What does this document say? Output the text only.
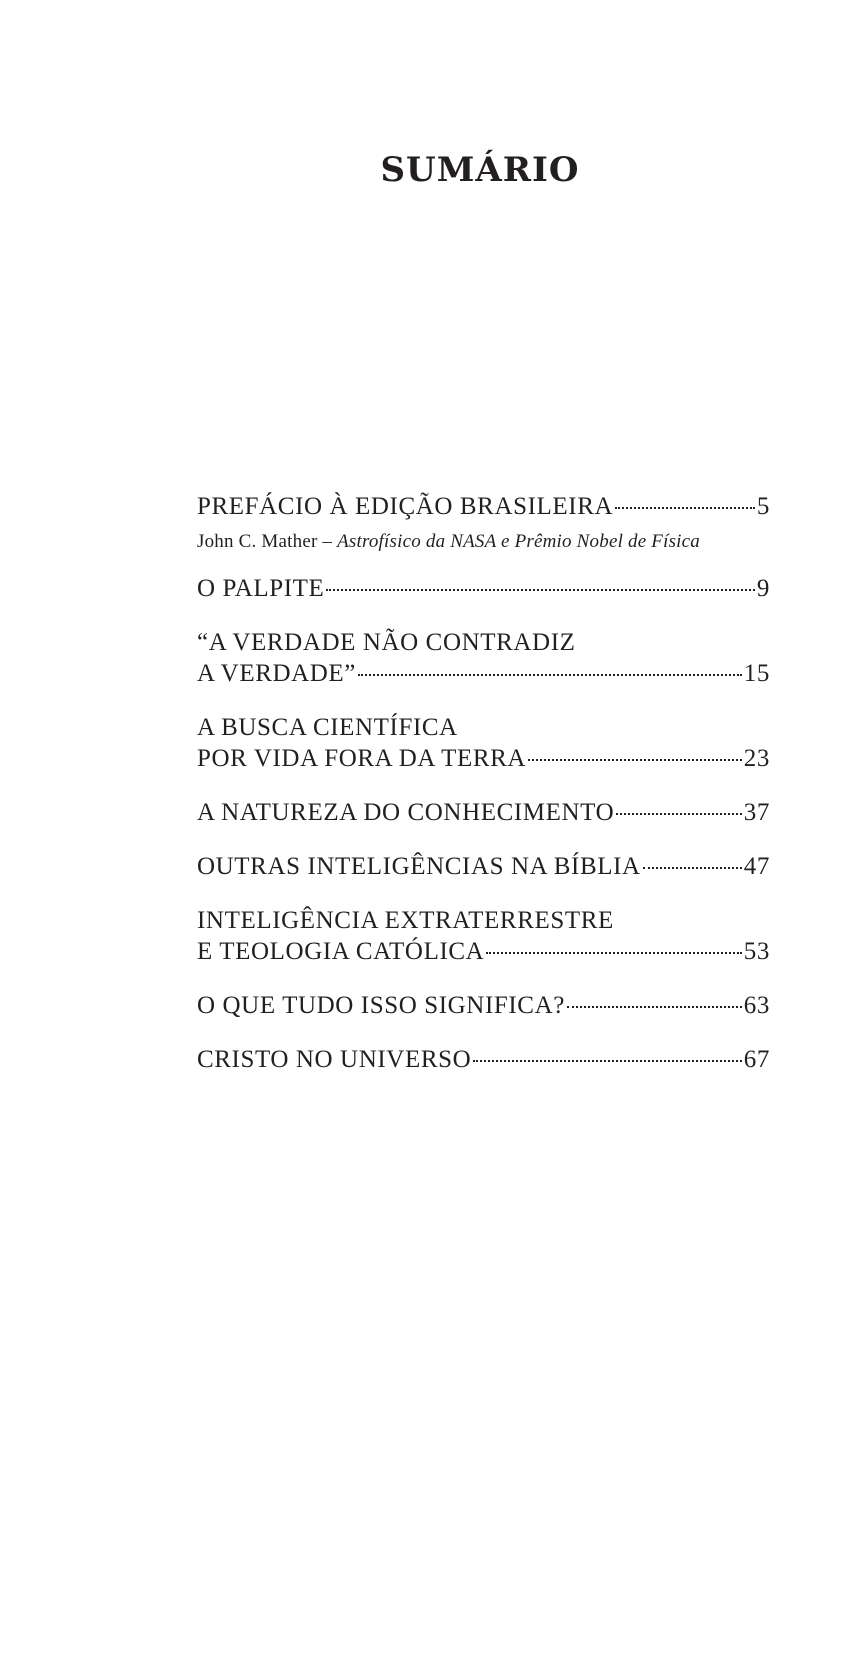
SUMÁRIO
PREFÁCIO À EDIÇÃO BRASILEIRA	5
John C. Mather – Astrofísico da NASA e Prêmio Nobel de Física
O PALPITE	9
“A VERDADE NÃO CONTRADIZ
A VERDADE”	15
A BUSCA CIENTÍFICA
POR VIDA FORA DA TERRA	23
A NATUREZA DO CONHECIMENTO	37
OUTRAS INTELIGÊNCIAS NA BÍBLIA	47
INTELIGÊNCIA EXTRATERRESTRE
E TEOLOGIA CATÓLICA	53
O QUE TUDO ISSO SIGNIFICA?	63
CRISTO NO UNIVERSO	67
